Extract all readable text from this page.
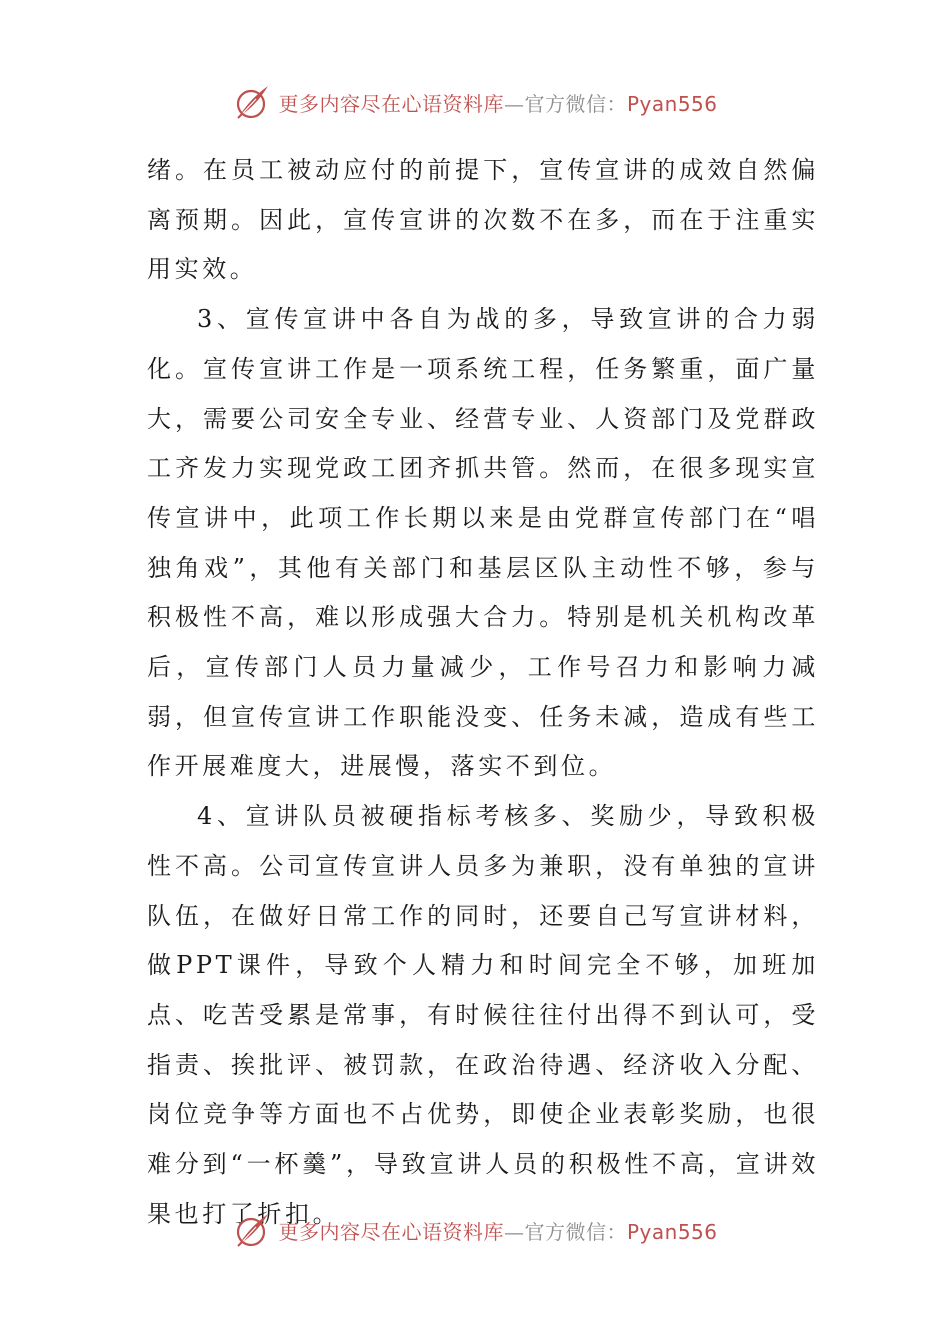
更多内容尽在心语资料库—官方微信：Pyan556

绪。在员工被动应付的前提下，宣传宣讲的成效自然偏离预期。因此，宣传宣讲的次数不在多，而在于注重实用实效。

3、宣传宣讲中各自为战的多，导致宣讲的合力弱化。宣传宣讲工作是一项系统工程，任务繁重，面广量大，需要公司安全专业、经营专业、人资部门及党群政工齐发力实现党政工团齐抓共管。然而，在很多现实宣传宣讲中，此项工作长期以来是由党群宣传部门在“唱独角戏”，其他有关部门和基层区队主动性不够，参与积极性不高，难以形成强大合力。特别是机关机构改革后，宣传部门人员力量减少，工作号召力和影响力减弱，但宣传宣讲工作职能没变、任务未减，造成有些工作开展难度大，进展慢，落实不到位。

4、宣讲队员被硬指标考核多、奖励少，导致积极性不高。公司宣传宣讲人员多为兼职，没有单独的宣讲队伍，在做好日常工作的同时，还要自己写宣讲材料，做PPT课件，导致个人精力和时间完全不够，加班加点、吃苦受累是常事，有时候往往付出得不到认可，受指责、挨批评、被罚款，在政治待遇、经济收入分配、岗位竞争等方面也不占优势，即使企业表彰奖励，也很难分到“一杯羹”，导致宣讲人员的积极性不高，宣讲效果也打了折扣。

更多内容尽在心语资料库—官方微信：Pyan556
